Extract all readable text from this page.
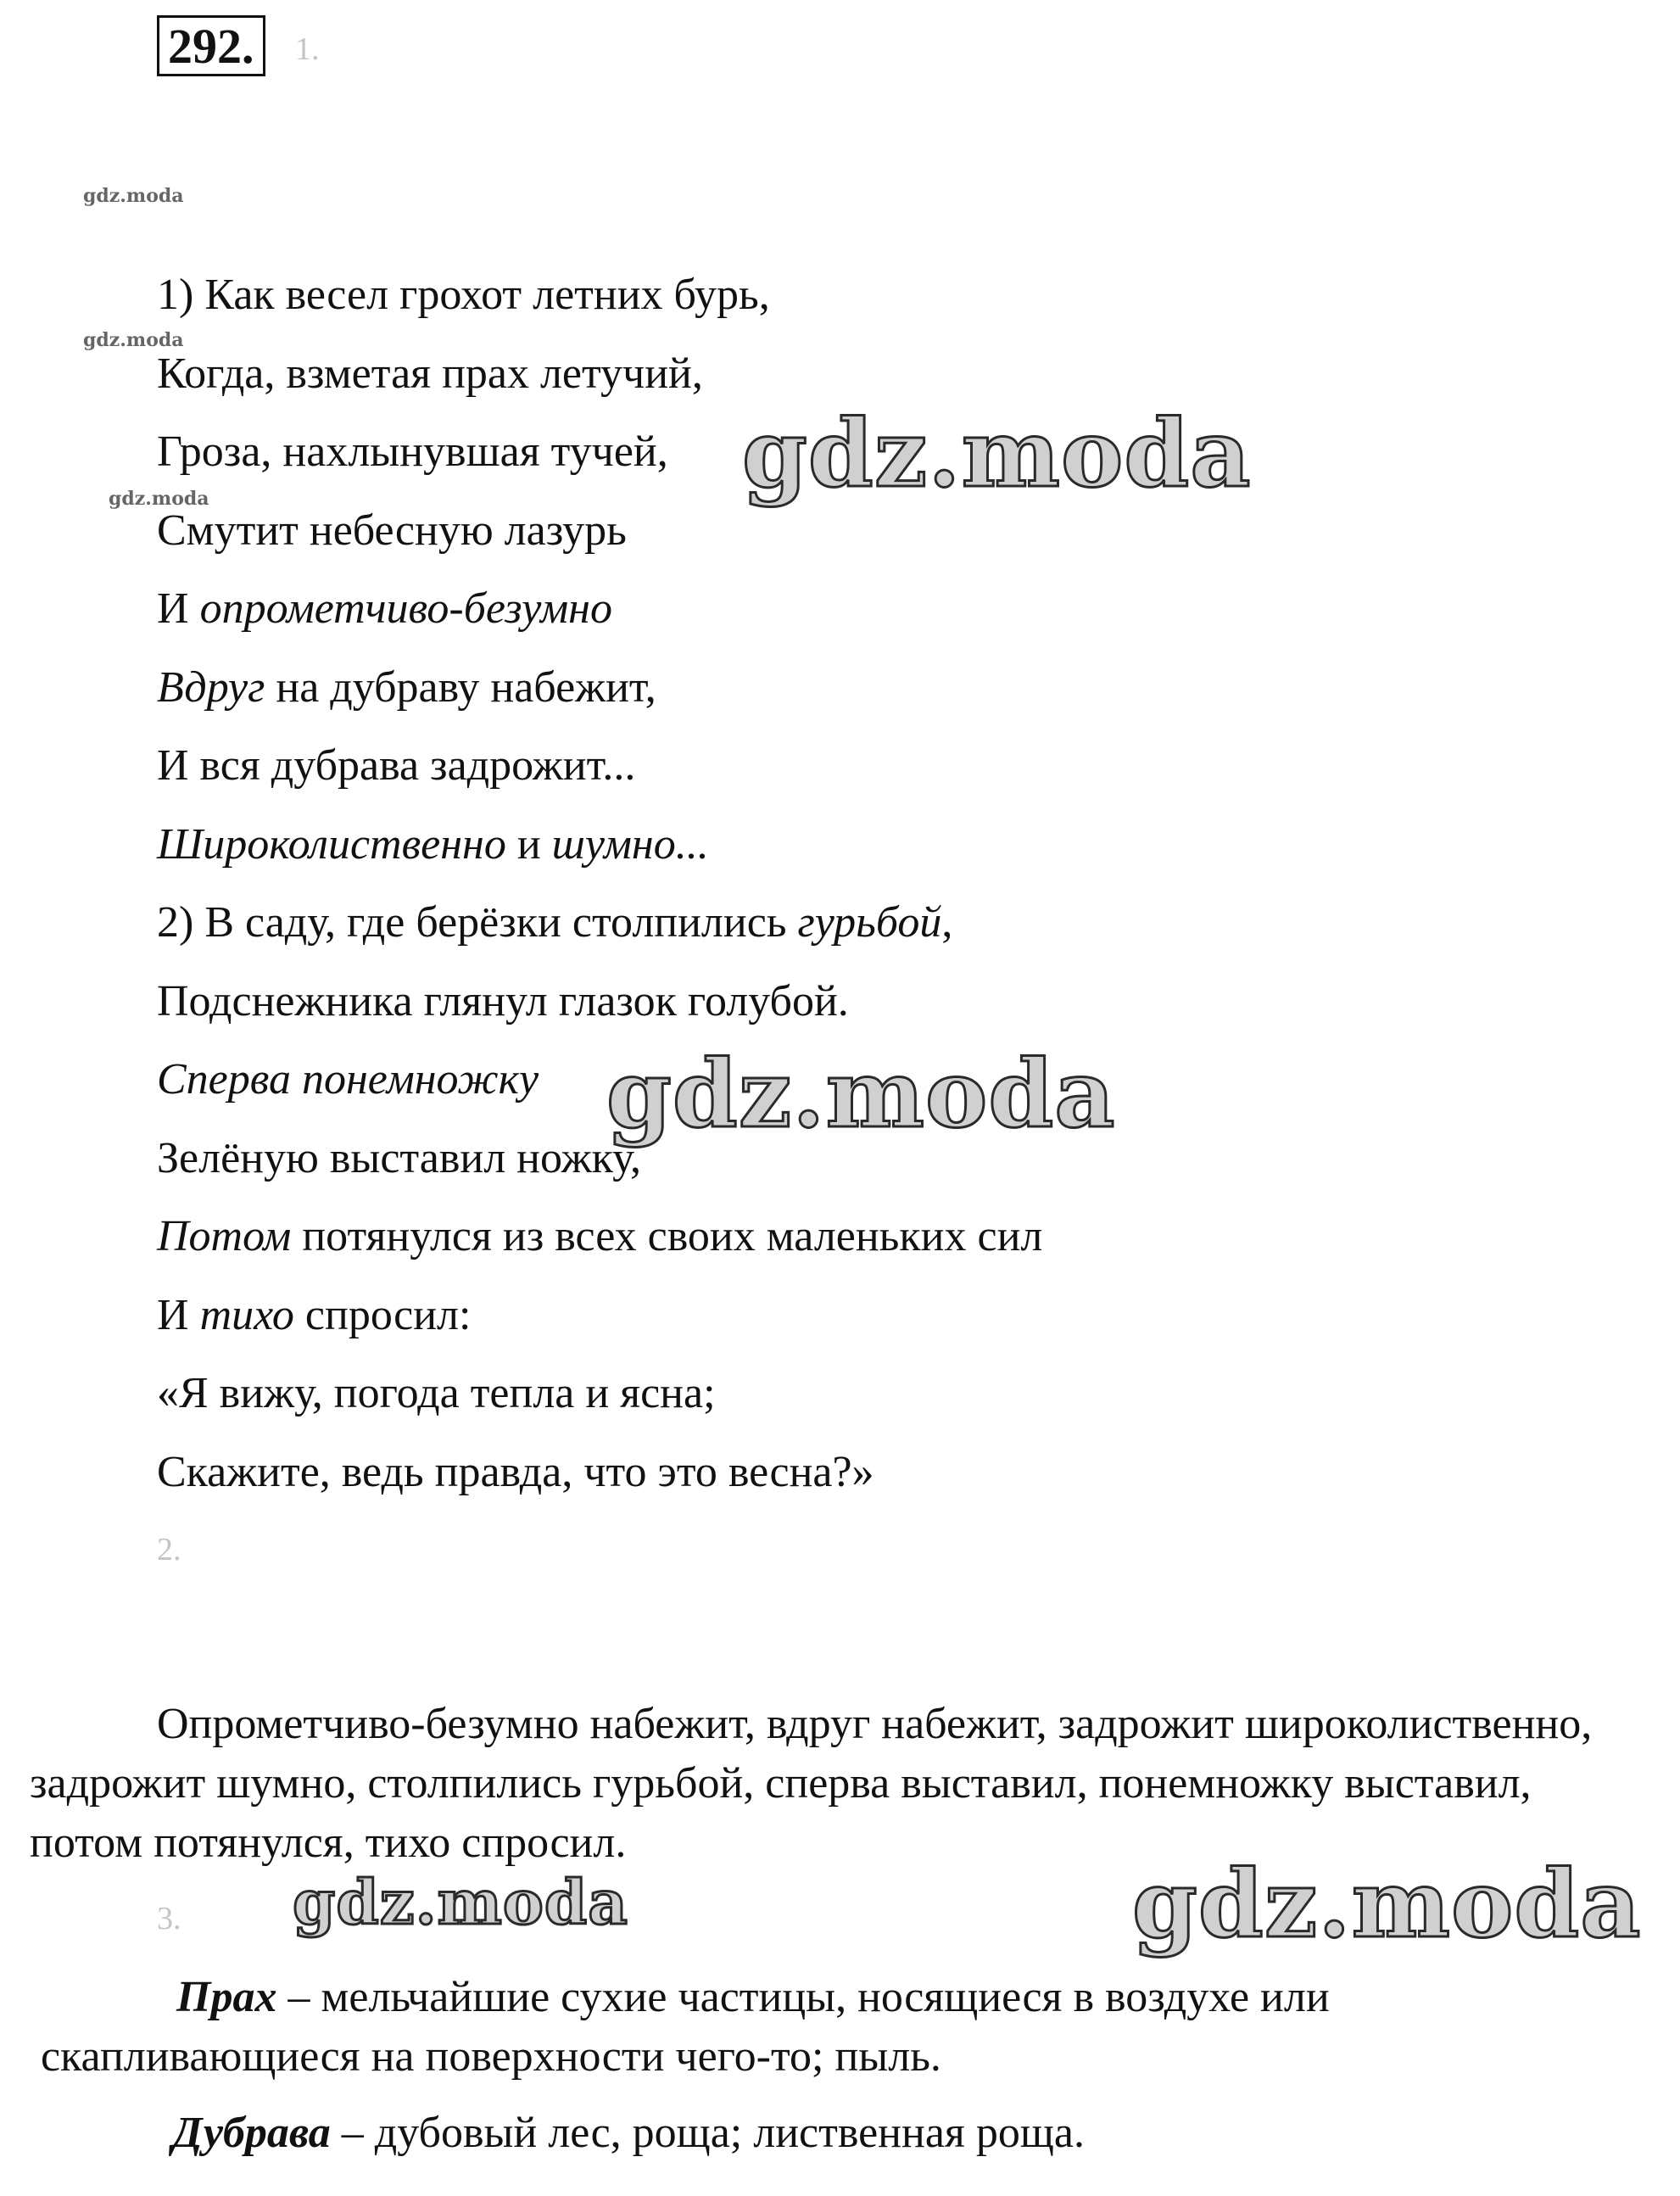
292.	1.
1) Как весел грохот летних бурь,
Когда, взметая прах летучий,
Гроза, нахлынувшая тучей,
Смутит небесную лазурь
И опрометчиво-безумно
Вдруг на дубраву набежит,
И вся дубрава задрожит...
Широколиственно и шумно...
2) В саду, где берёзки столпились гурьбой,
Подснежника глянул глазок голубой.
Сперва понемножку
Зелёную выставил ножку,
Потом потянулся из всех своих маленьких сил
И тихо спросил:
«Я вижу, погода тепла и ясна;
Скажите, ведь правда, что это весна?»
2.
Опрометчиво-безумно набежит, вдруг набежит, задрожит широколиственно, задрожит шумно, столпились гурьбой, сперва выставил, понемножку выставил, потом потянулся, тихо спросил.
3.
Прах – мельчайшие сухие частицы, носящиеся в воздухе или скапливающиеся на поверхности чего-то; пыль.
Дубрава – дубовый лес, роща; лиственная роща.
gdz.moda
gdz.moda
gdz.moda	gdz.moda
gdz.moda
gdz.moda	gdz.moda
